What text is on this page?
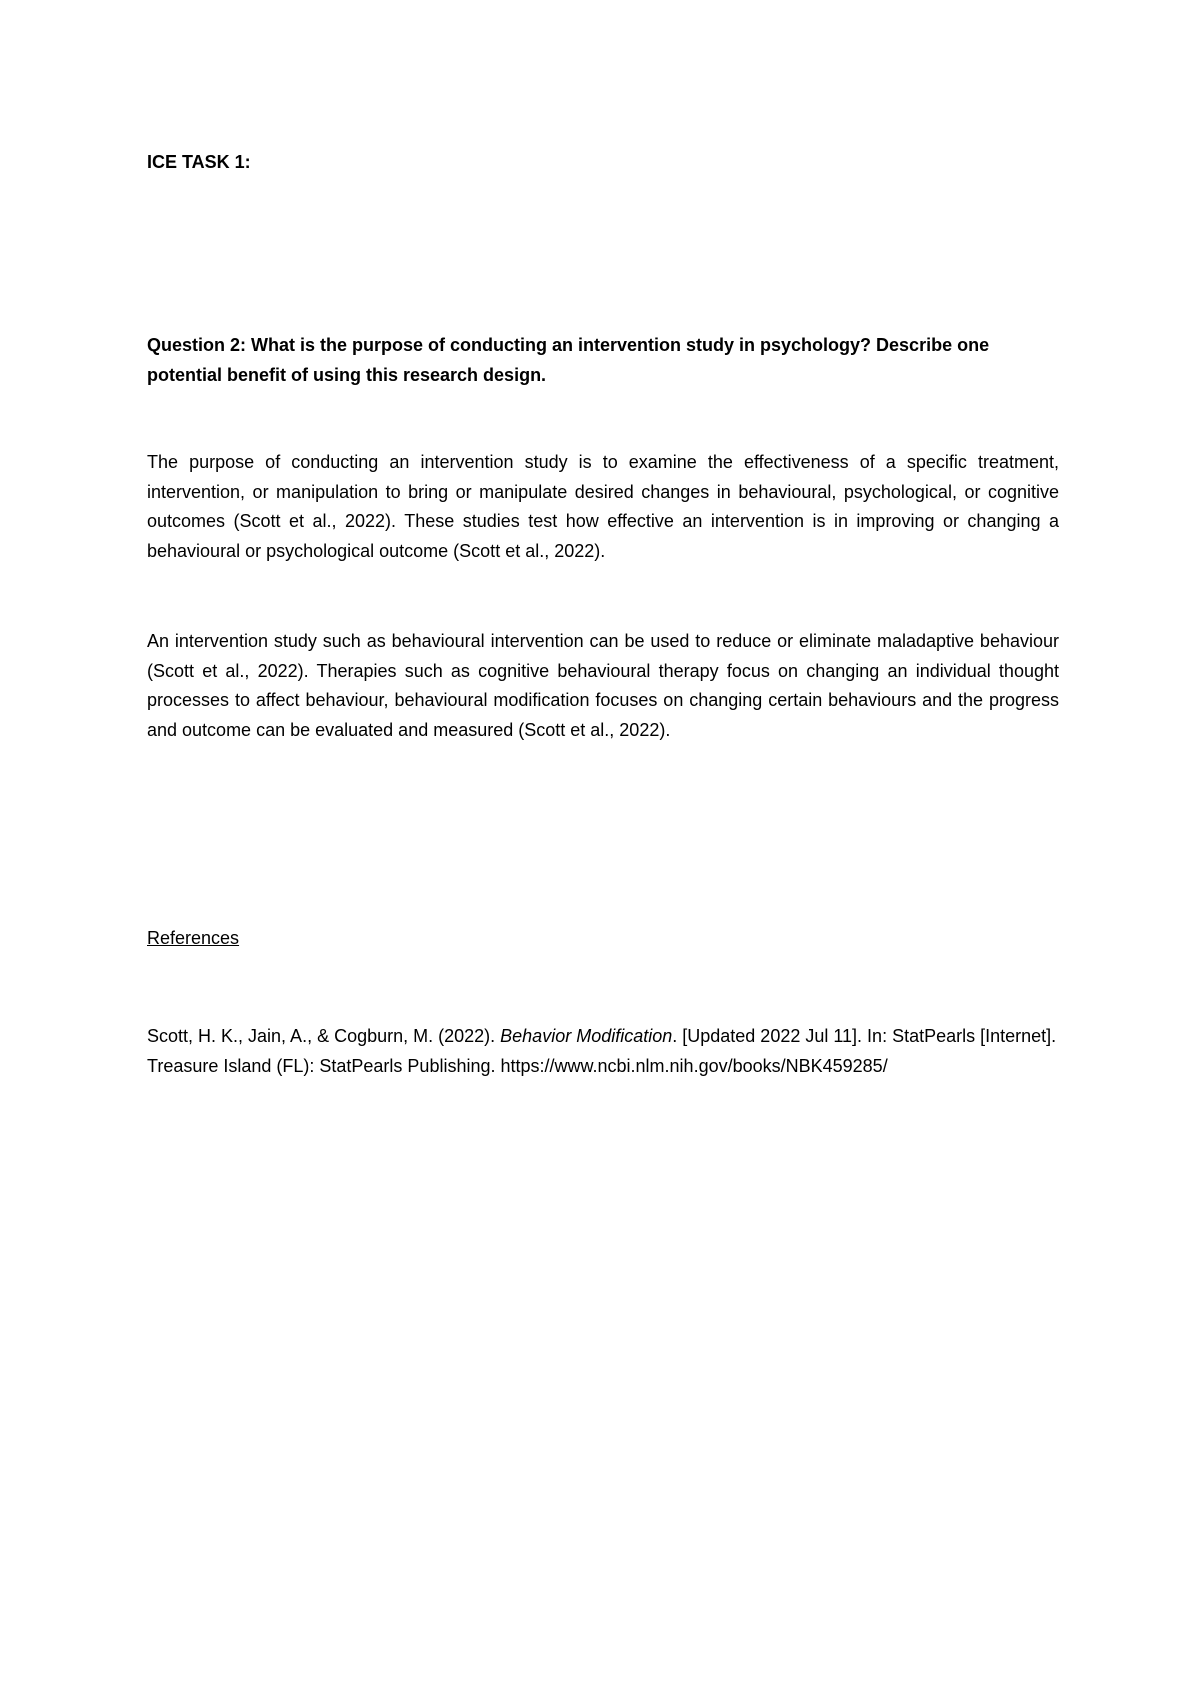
ICE TASK 1:

Question 2: What is the purpose of conducting an intervention study in psychology? Describe one potential benefit of using this research design.

The purpose of conducting an intervention study is to examine the effectiveness of a specific treatment, intervention, or manipulation to bring or manipulate desired changes in behavioural, psychological, or cognitive outcomes (Scott et al., 2022). These studies test how effective an intervention is in improving or changing a behavioural or psychological outcome (Scott et al., 2022).

An intervention study such as behavioural intervention can be used to reduce or eliminate maladaptive behaviour (Scott et al., 2022). Therapies such as cognitive behavioural therapy focus on changing an individual thought processes to affect behaviour, behavioural modification focuses on changing certain behaviours and the progress and outcome can be evaluated and measured (Scott et al., 2022).

References

Scott, H. K., Jain, A., & Cogburn, M. (2022). Behavior Modification. [Updated 2022 Jul 11]. In: StatPearls [Internet]. Treasure Island (FL): StatPearls Publishing. https://www.ncbi.nlm.nih.gov/books/NBK459285/
